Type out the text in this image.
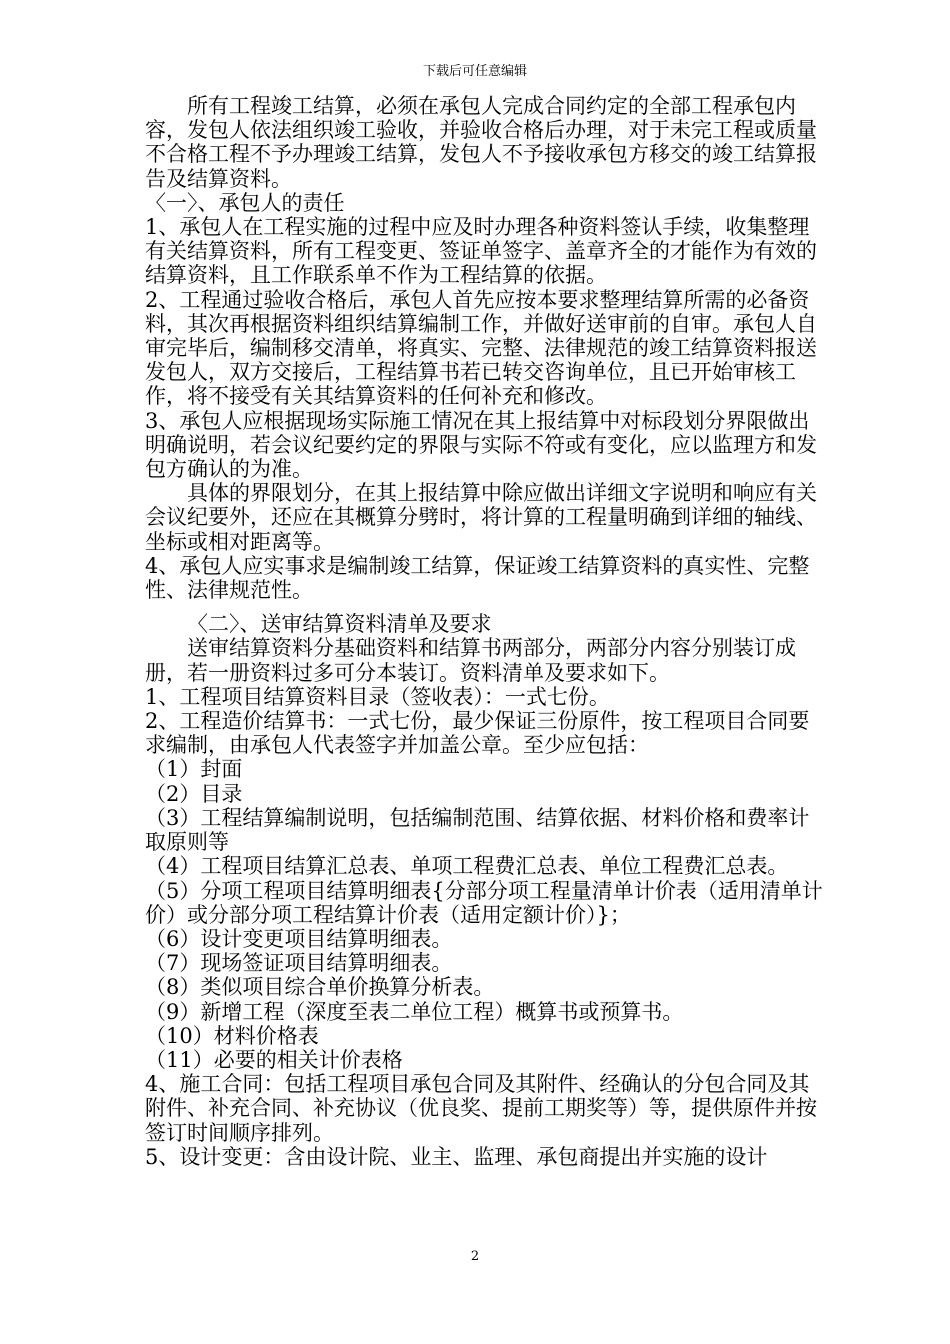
下载后可任意编辑

所有工程竣工结算，必须在承包人完成合同约定的全部工程承包内容，发包人依法组织竣工验收，并验收合格后办理，对于未完工程或质量不合格工程不予办理竣工结算，发包人不予接收承包方移交的竣工结算报告及结算资料。

〈一〉、承包人的责任

1、承包人在工程实施的过程中应及时办理各种资料签认手续，收集整理有关结算资料，所有工程变更、签证单签字、盖章齐全的才能作为有效的结算资料，且工作联系单不作为工程结算的依据。

2、工程通过验收合格后，承包人首先应按本要求整理结算所需的必备资料，其次再根据资料组织结算编制工作，并做好送审前的自审。承包人自审完毕后，编制移交清单，将真实、完整、法律规范的竣工结算资料报送发包人，双方交接后，工程结算书若已转交咨询单位，且已开始审核工作，将不接受有关其结算资料的任何补充和修改。

3、承包人应根据现场实际施工情况在其上报结算中对标段划分界限做出明确说明，若会议纪要约定的界限与实际不符或有变化，应以监理方和发包方确认的为准。

具体的界限划分，在其上报结算中除应做出详细文字说明和响应有关会议纪要外，还应在其概算分劈时，将计算的工程量明确到详细的轴线、坐标或相对距离等。

4、承包人应实事求是编制竣工结算，保证竣工结算资料的真实性、完整性、法律规范性。

〈二〉、送审结算资料清单及要求

送审结算资料分基础资料和结算书两部分，两部分内容分别装订成册，若一册资料过多可分本装订。资料清单及要求如下。

1、工程项目结算资料目录（签收表）：一式七份。

2、工程造价结算书：一式七份，最少保证三份原件，按工程项目合同要求编制，由承包人代表签字并加盖公章。至少应包括：

（1）封面

（2）目录

（3）工程结算编制说明，包括编制范围、结算依据、材料价格和费率计取原则等

（4）工程项目结算汇总表、单项工程费汇总表、单位工程费汇总表。

（5）分项工程项目结算明细表{分部分项工程量清单计价表（适用清单计价）或分部分项工程结算计价表（适用定额计价）}；

（6）设计变更项目结算明细表。

（7）现场签证项目结算明细表。

（8）类似项目综合单价换算分析表。

（9）新增工程（深度至表二单位工程）概算书或预算书。

（10）材料价格表

（11）必要的相关计价表格

4、施工合同：包括工程项目承包合同及其附件、经确认的分包合同及其附件、补充合同、补充协议（优良奖、提前工期奖等）等，提供原件并按签订时间顺序排列。

5、设计变更：含由设计院、业主、监理、承包商提出并实施的设计

2
